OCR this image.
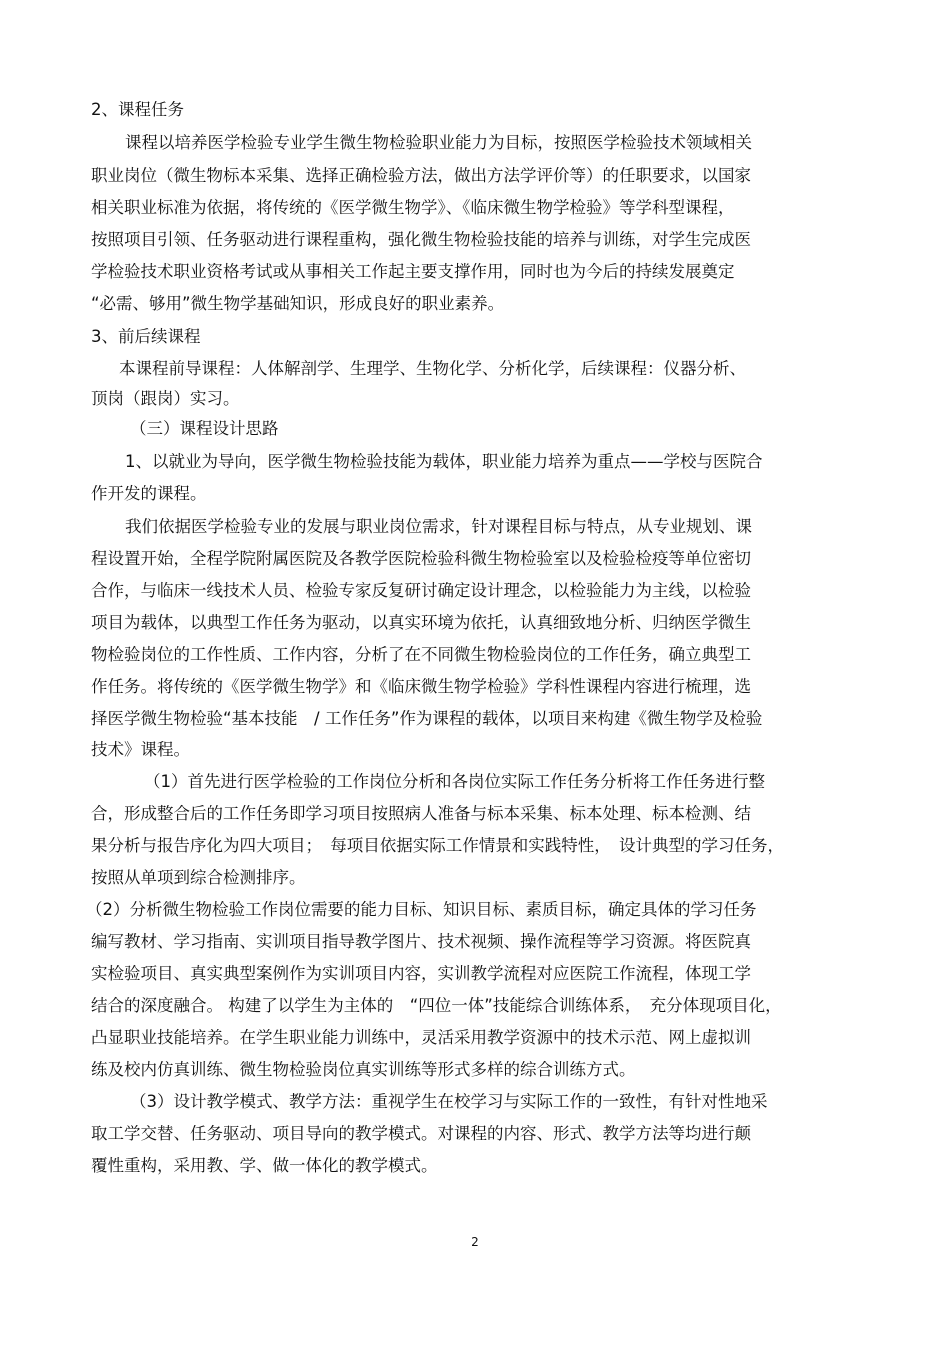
2、课程任务
课程以培养医学检验专业学生微生物检验职业能力为目标，按照医学检验技术领域相关
职业岗位（微生物标本采集、选择正确检验方法，做出方法学评价等）的任职要求，以国家
相关职业标准为依据，将传统的《医学微生物学》、《临床微生物学检验》等学科型课程，
按照项目引领、任务驱动进行课程重构，强化微生物检验技能的培养与训练，对学生完成医
学检验技术职业资格考试或从事相关工作起主要支撑作用，同时也为今后的持续发展奠定
“必需、够用”微生物学基础知识，形成良好的职业素养。
3、前后续课程
本课程前导课程：人体解剖学、生理学、生物化学、分析化学，后续课程：仪器分析、
顶岗（跟岗）实习。
（三）课程设计思路
1、以就业为导向，医学微生物检验技能为载体，职业能力培养为重点——学校与医院合
作开发的课程。
我们依据医学检验专业的发展与职业岗位需求，针对课程目标与特点，从专业规划、课
程设置开始，全程学院附属医院及各教学医院检验科微生物检验室以及检验检疫等单位密切
合作，与临床一线技术人员、检验专家反复研讨确定设计理念，以检验能力为主线，以检验
项目为载体，以典型工作任务为驱动，以真实环境为依托，认真细致地分析、归纳医学微生
物检验岗位的工作性质、工作内容，分析了在不同微生物检验岗位的工作任务，确立典型工
作任务。将传统的《医学微生物学》和《临床微生物学检验》学科性课程内容进行梳理，选
择医学微生物检验“基本技能　/ 工作任务”作为课程的载体，以项目来构建《微生物学及检验
技术》课程。
（1）首先进行医学检验的工作岗位分析和各岗位实际工作任务分析将工作任务进行整
合，形成整合后的工作任务即学习项目按照病人准备与标本采集、标本处理、标本检测、结
果分析与报告序化为四大项目；　每项目依据实际工作情景和实践特性，　设计典型的学习任务，
按照从单项到综合检测排序。
（2）分析微生物检验工作岗位需要的能力目标、知识目标、素质目标，确定具体的学习任务
编写教材、学习指南、实训项目指导教学图片、技术视频、操作流程等学习资源。将医院真
实检验项目、真实典型案例作为实训项目内容，实训教学流程对应医院工作流程，体现工学
结合的深度融合。 构建了以学生为主体的　“四位一体”技能综合训练体系，　充分体现项目化，
凸显职业技能培养。在学生职业能力训练中，灵活采用教学资源中的技术示范、网上虚拟训
练及校内仿真训练、微生物检验岗位真实训练等形式多样的综合训练方式。
（3）设计教学模式、教学方法：重视学生在校学习与实际工作的一致性，有针对性地采
取工学交替、任务驱动、项目导向的教学模式。对课程的内容、形式、教学方法等均进行颠
覆性重构，采用教、学、做一体化的教学模式。
2
